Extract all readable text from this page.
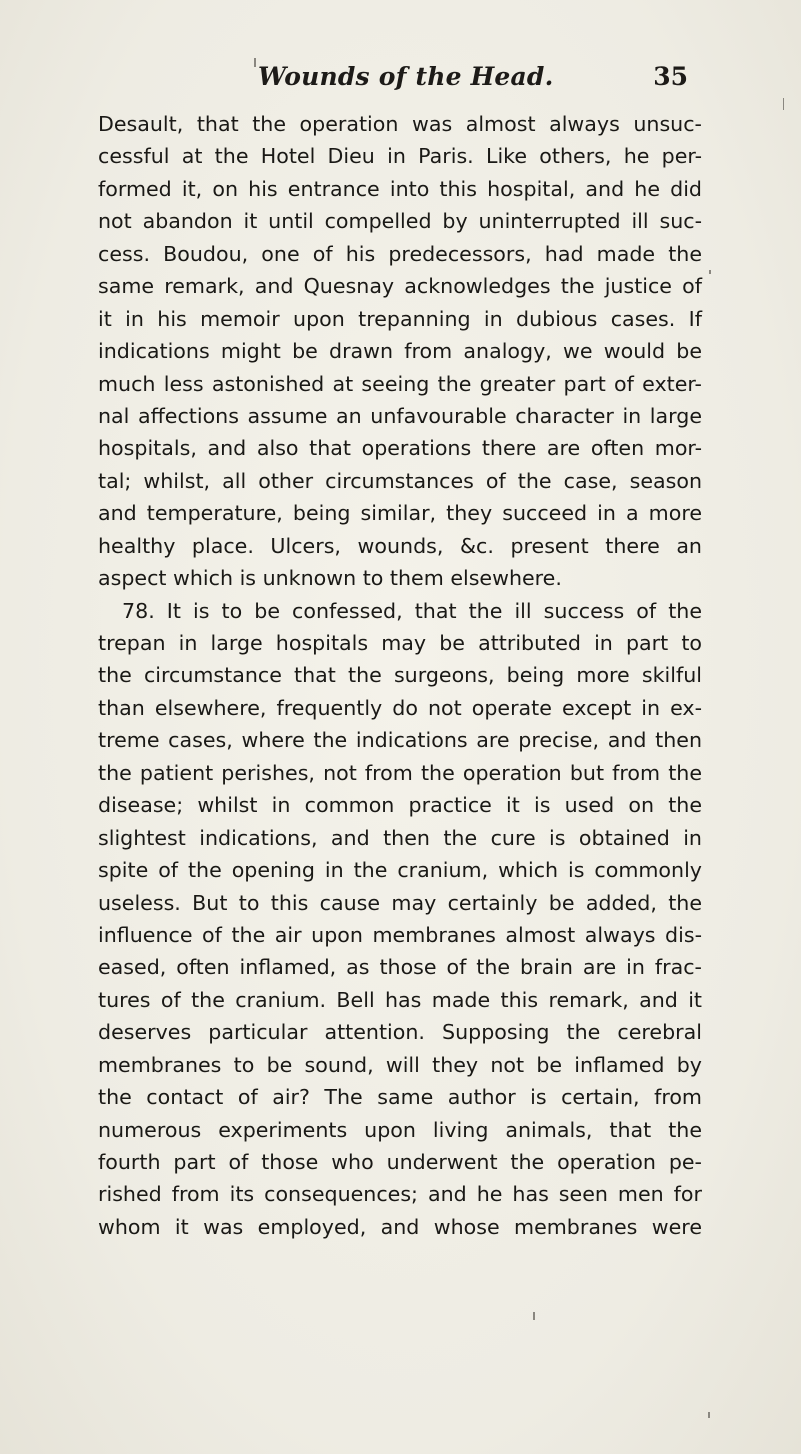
Wounds of the Head.	35
Desault, that the operation was almost always unsuc-
cessful at the Hotel Dieu in Paris. Like others, he per-
formed it, on his entrance into this hospital, and he did
not abandon it until compelled by uninterrupted ill suc-
cess. Boudou, one of his predecessors, had made the
same remark, and Quesnay acknowledges the justice of
it in his memoir upon trepanning in dubious cases. If
indications might be drawn from analogy, we would be
much less astonished at seeing the greater part of exter-
nal affections assume an unfavourable character in large
hospitals, and also that operations there are often mor-
tal; whilst, all other circumstances of the case, season
and temperature, being similar, they succeed in a more
healthy place. Ulcers, wounds, &c. present there an
aspect which is unknown to them elsewhere.
78. It is to be confessed, that the ill success of the
trepan in large hospitals may be attributed in part to
the circumstance that the surgeons, being more skilful
than elsewhere, frequently do not operate except in ex-
treme cases, where the indications are precise, and then
the patient perishes, not from the operation but from the
disease; whilst in common practice it is used on the
slightest indications, and then the cure is obtained in
spite of the opening in the cranium, which is commonly
useless. But to this cause may certainly be added, the
influence of the air upon membranes almost always dis-
eased, often inflamed, as those of the brain are in frac-
tures of the cranium. Bell has made this remark, and it
deserves particular attention. Supposing the cerebral
membranes to be sound, will they not be inflamed by
the contact of air? The same author is certain, from
numerous experiments upon living animals, that the
fourth part of those who underwent the operation pe-
rished from its consequences; and he has seen men for
whom it was employed, and whose membranes were
